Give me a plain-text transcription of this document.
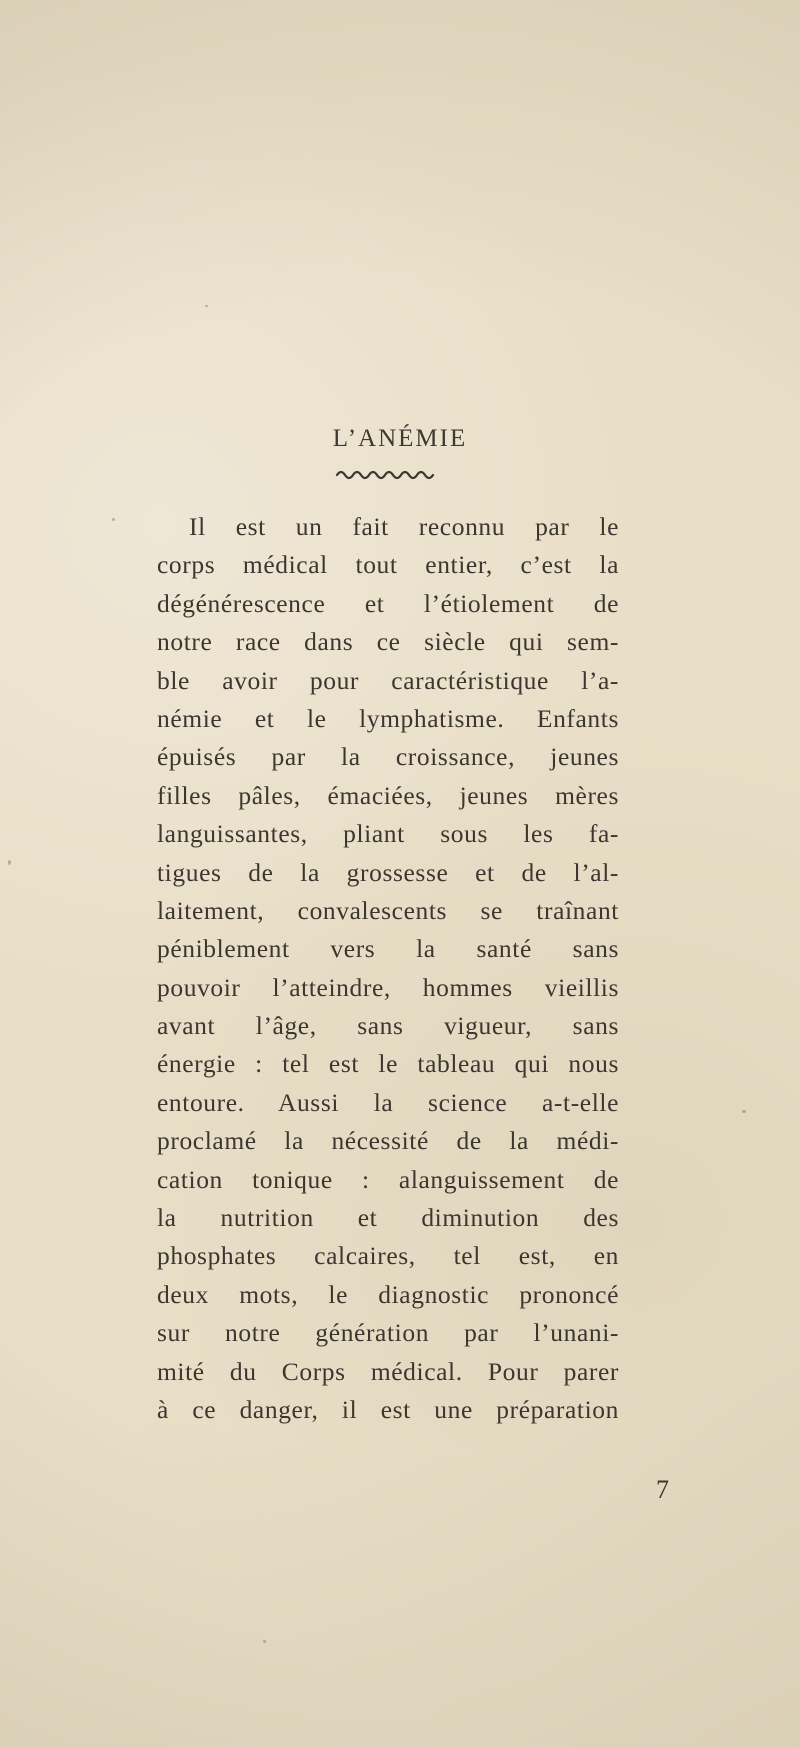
L’ANÉMIE
Il est un fait reconnu par le
corps médical tout entier, c’est la
dégénérescence et l’étiolement de
notre race dans ce siècle qui sem-
ble avoir pour caractéristique l’a-
némie et le lymphatisme. Enfants
épuisés par la croissance, jeunes
filles pâles, émaciées, jeunes mères
languissantes, pliant sous les fa-
tigues de la grossesse et de l’al-
laitement, convalescents se traînant
péniblement vers la santé sans
pouvoir l’atteindre, hommes vieillis
avant l’âge, sans vigueur, sans
énergie : tel est le tableau qui nous
entoure. Aussi la science a-t-elle
proclamé la nécessité de la médi-
cation tonique : alanguissement de
la nutrition et diminution des
phosphates calcaires, tel est, en
deux mots, le diagnostic prononcé
sur notre génération par l’unani-
mité du Corps médical. Pour parer
à ce danger, il est une préparation
7
